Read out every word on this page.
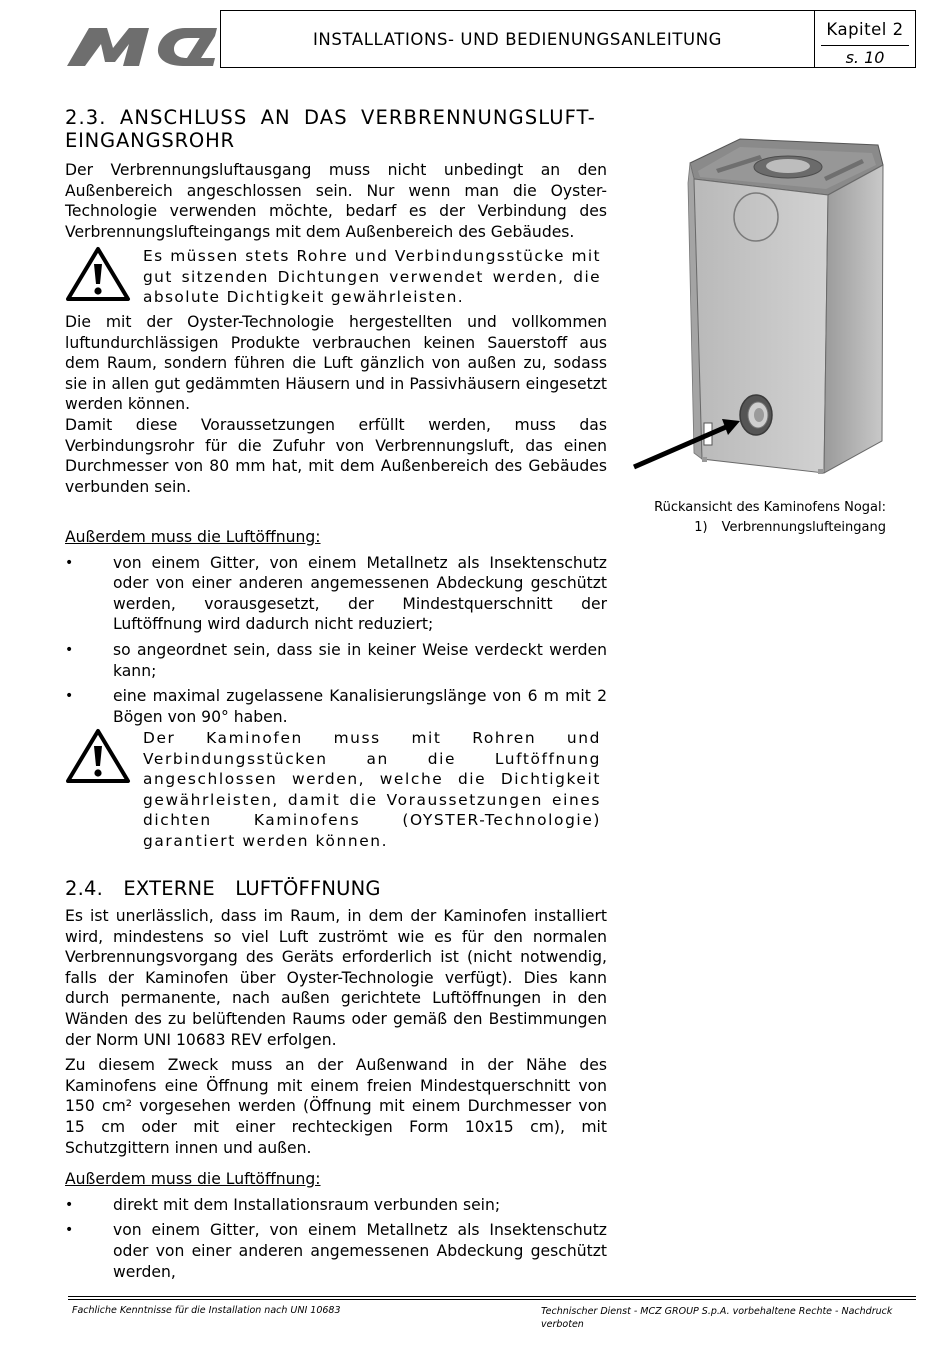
INSTALLATIONS- UND BEDIENUNGSANLEITUNG	Kapitel 2
s. 10
2.3. ANSCHLUSS AN DAS VERBRENNUNGSLUFT-
EINGANGSROHR

Der Verbrennungsluftausgang muss nicht unbedingt an den Außenbereich angeschlossen sein. Nur wenn man die Oyster-Technologie verwenden möchte, bedarf es der Verbindung des Verbrennungslufteingangs mit dem Außenbereich des Gebäudes.

Es müssen stets Rohre und Verbindungsstücke mit gut sitzenden Dichtungen verwendet werden, die absolute Dichtigkeit gewährleisten.

Die mit der Oyster-Technologie hergestellten und vollkommen luftundurchlässigen Produkte verbrauchen keinen Sauerstoff aus dem Raum, sondern führen die Luft gänzlich von außen zu, sodass sie in allen gut gedämmten Häusern und in Passivhäusern eingesetzt werden können.

Damit diese Voraussetzungen erfüllt werden, muss das Verbindungsrohr für die Zufuhr von Verbrennungsluft, das einen Durchmesser von 80 mm hat, mit dem Außenbereich des Gebäudes verbunden sein.

Außerdem muss die Luftöffnung:

• von einem Gitter, von einem Metallnetz als Insektenschutz oder von einer anderen angemessenen Abdeckung geschützt werden, vorausgesetzt, der Mindestquerschnitt der Luftöffnung wird dadurch nicht reduziert;
• so angeordnet sein, dass sie in keiner Weise verdeckt werden kann;
• eine maximal zugelassene Kanalisierungslänge von 6 m mit 2 Bögen von 90° haben.
Der Kaminofen muss mit Rohren und Verbindungsstücken an die Luftöffnung angeschlossen werden, welche die Dichtigkeit gewährleisten, damit die Voraussetzungen eines dichten Kaminofens (OYSTER-Technologie) garantiert werden können.
2.4. EXTERNE LUFTÖFFNUNG

Es ist unerlässlich, dass im Raum, in dem der Kaminofen installiert wird, mindestens so viel Luft zuströmt wie es für den normalen Verbrennungsvorgang des Geräts erforderlich ist (nicht notwendig, falls der Kaminofen über Oyster-Technologie verfügt). Dies kann durch permanente, nach außen gerichtete Luftöffnungen in den Wänden des zu belüftenden Raums oder gemäß den Bestimmungen der Norm UNI 10683 REV erfolgen.

Zu diesem Zweck muss an der Außenwand in der Nähe des Kaminofens eine Öffnung mit einem freien Mindestquerschnitt von 150 cm² vorgesehen werden (Öffnung mit einem Durchmesser von 15 cm oder mit einer rechteckigen Form 10x15 cm), mit Schutzgittern innen und außen.

Außerdem muss die Luftöffnung:

• direkt mit dem Installationsraum verbunden sein;
• von einem Gitter, von einem Metallnetz als Insektenschutz oder von einer anderen angemessenen Abdeckung geschützt werden,
Rückansicht des Kaminofens Nogal:
1) Verbrennungslufteingang
Fachliche Kenntnisse für die Installation nach UNI 10683	Technischer Dienst - MCZ GROUP S.p.A. vorbehaltene Rechte - Nachdruck verboten
